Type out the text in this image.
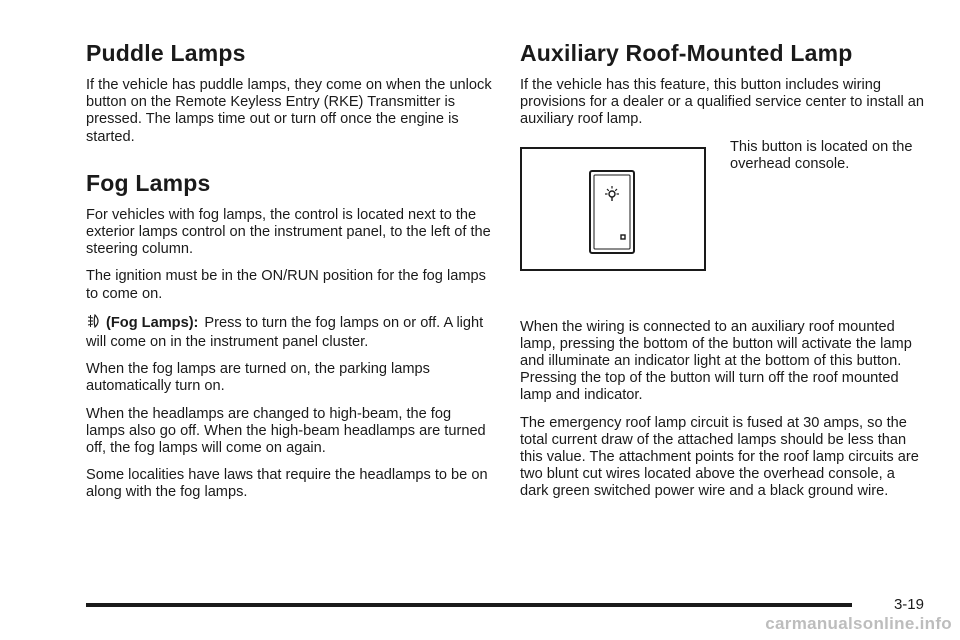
Puddle Lamps

If the vehicle has puddle lamps, they come on when the unlock button on the Remote Keyless Entry (RKE) Transmitter is pressed. The lamps time out or turn off once the engine is started.

Fog Lamps

For vehicles with fog lamps, the control is located next to the exterior lamps control on the instrument panel, to the left of the steering column.

The ignition must be in the ON/RUN position for the fog lamps to come on.

(Fog Lamps): Press to turn the fog lamps on or off. A light will come on in the instrument panel cluster.

When the fog lamps are turned on, the parking lamps automatically turn on.

When the headlamps are changed to high-beam, the fog lamps also go off. When the high-beam headlamps are turned off, the fog lamps will come on again.

Some localities have laws that require the headlamps to be on along with the fog lamps.

Auxiliary Roof-Mounted Lamp

If the vehicle has this feature, this button includes wiring provisions for a dealer or a qualified service center to install an auxiliary roof lamp.

This button is located on the overhead console.

When the wiring is connected to an auxiliary roof mounted lamp, pressing the bottom of the button will activate the lamp and illuminate an indicator light at the bottom of this button. Pressing the top of the button will turn off the roof mounted lamp and indicator.

The emergency roof lamp circuit is fused at 30 amps, so the total current draw of the attached lamps should be less than this value. The attachment points for the roof lamp circuits are two blunt cut wires located above the overhead console, a dark green switched power wire and a black ground wire.

3-19
carmanualsonline.info
